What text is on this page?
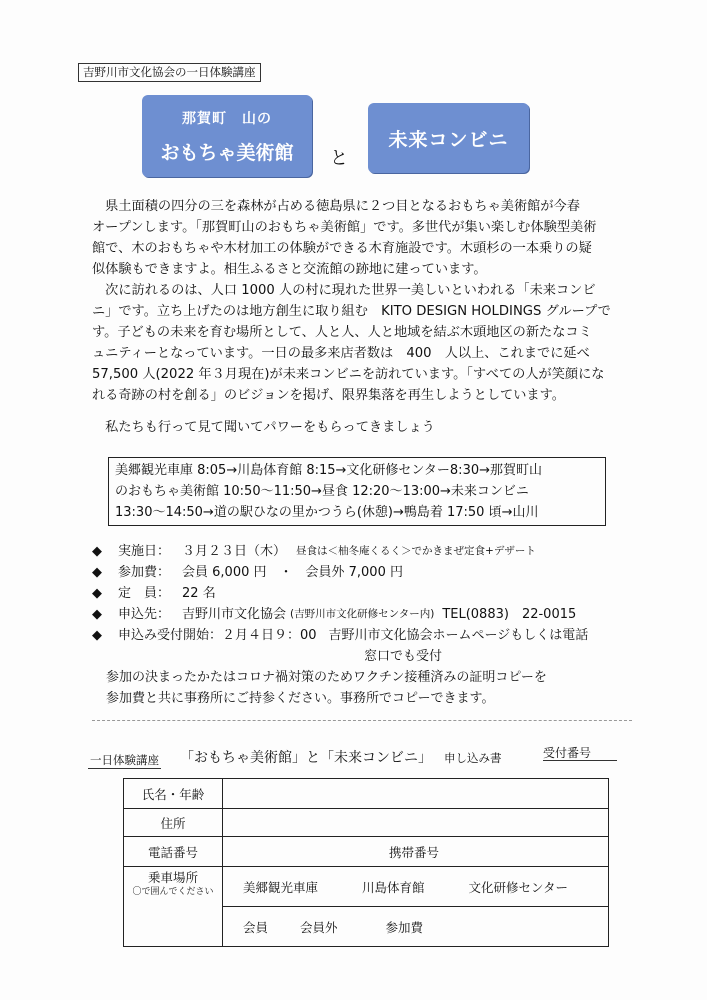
吉野川市文化協会の一日体験講座
那賀町　山の
おもちゃ美術館	と
未来コンビニ
　県土面積の四分の三を森林が占める徳島県に２つ目となるおもちゃ美術館が今春
オープンします。「那賀町山のおもちゃ美術館」です。多世代が集い楽しむ体験型美術
館で、木のおもちゃや木材加工の体験ができる木育施設です。木頭杉の一本乗りの疑
似体験もできますよ。相生ふるさと交流館の跡地に建っています。
　次に訪れるのは、人口 1000 人の村に現れた世界一美しいといわれる「未来コンビ
ニ」です。立ち上げたのは地方創生に取り組む　KITO DESIGN HOLDINGS グループで
す。子どもの未来を育む場所として、人と人、人と地域を結ぶ木頭地区の新たなコミ
ュニティーとなっています。一日の最多来店者数は　400　人以上、これまでに延べ
57,500 人(2022 年３月現在)が未来コンビニを訪れています。「すべての人が笑顔にな
れる奇跡の村を創る」のビジョンを掲げ、限界集落を再生しようとしています。
　私たちも行って見て聞いてパワーをもらってきましょう
美郷観光車庫 8:05→川島体育館 8:15→文化研修センター8:30→那賀町山
のおもちゃ美術館 10:50～11:50→昼食 12:20～13:00→未来コンビニ
13:30～14:50→道の駅ひなの里かつうら(休憩)→鴨島着 17:50 頃→山川
◆	実施日： ３月２３日（木） 昼食は＜柚冬庵くるく＞でかきまぜ定食+デザート
◆	参加費： 会員 6,000 円　・　会員外 7,000 円
◆	定　員： 22 名
◆	申込先： 吉野川市文化協会 (吉野川市文化研修センター内) TEL(0883)　22-0015
◆	申込み受付開始：２月４日９：00 吉野川市文化協会ホームページもしくは電話
窓口でも受付
参加の決まったかたはコロナ禍対策のためワクチン接種済みの証明コピーを
参加費と共に事務所にご持参ください。事務所でコピーできます。
一日体験講座 「おもちゃ美術館」と「未来コンビニ」 申し込み書	受付番号
氏名・年齢	
住所	
電話番号	携帯番号

乗車場所
〇で囲んでください	美郷観光車庫 川島体育館 文化研修センター
	会員 会員外 参加費
